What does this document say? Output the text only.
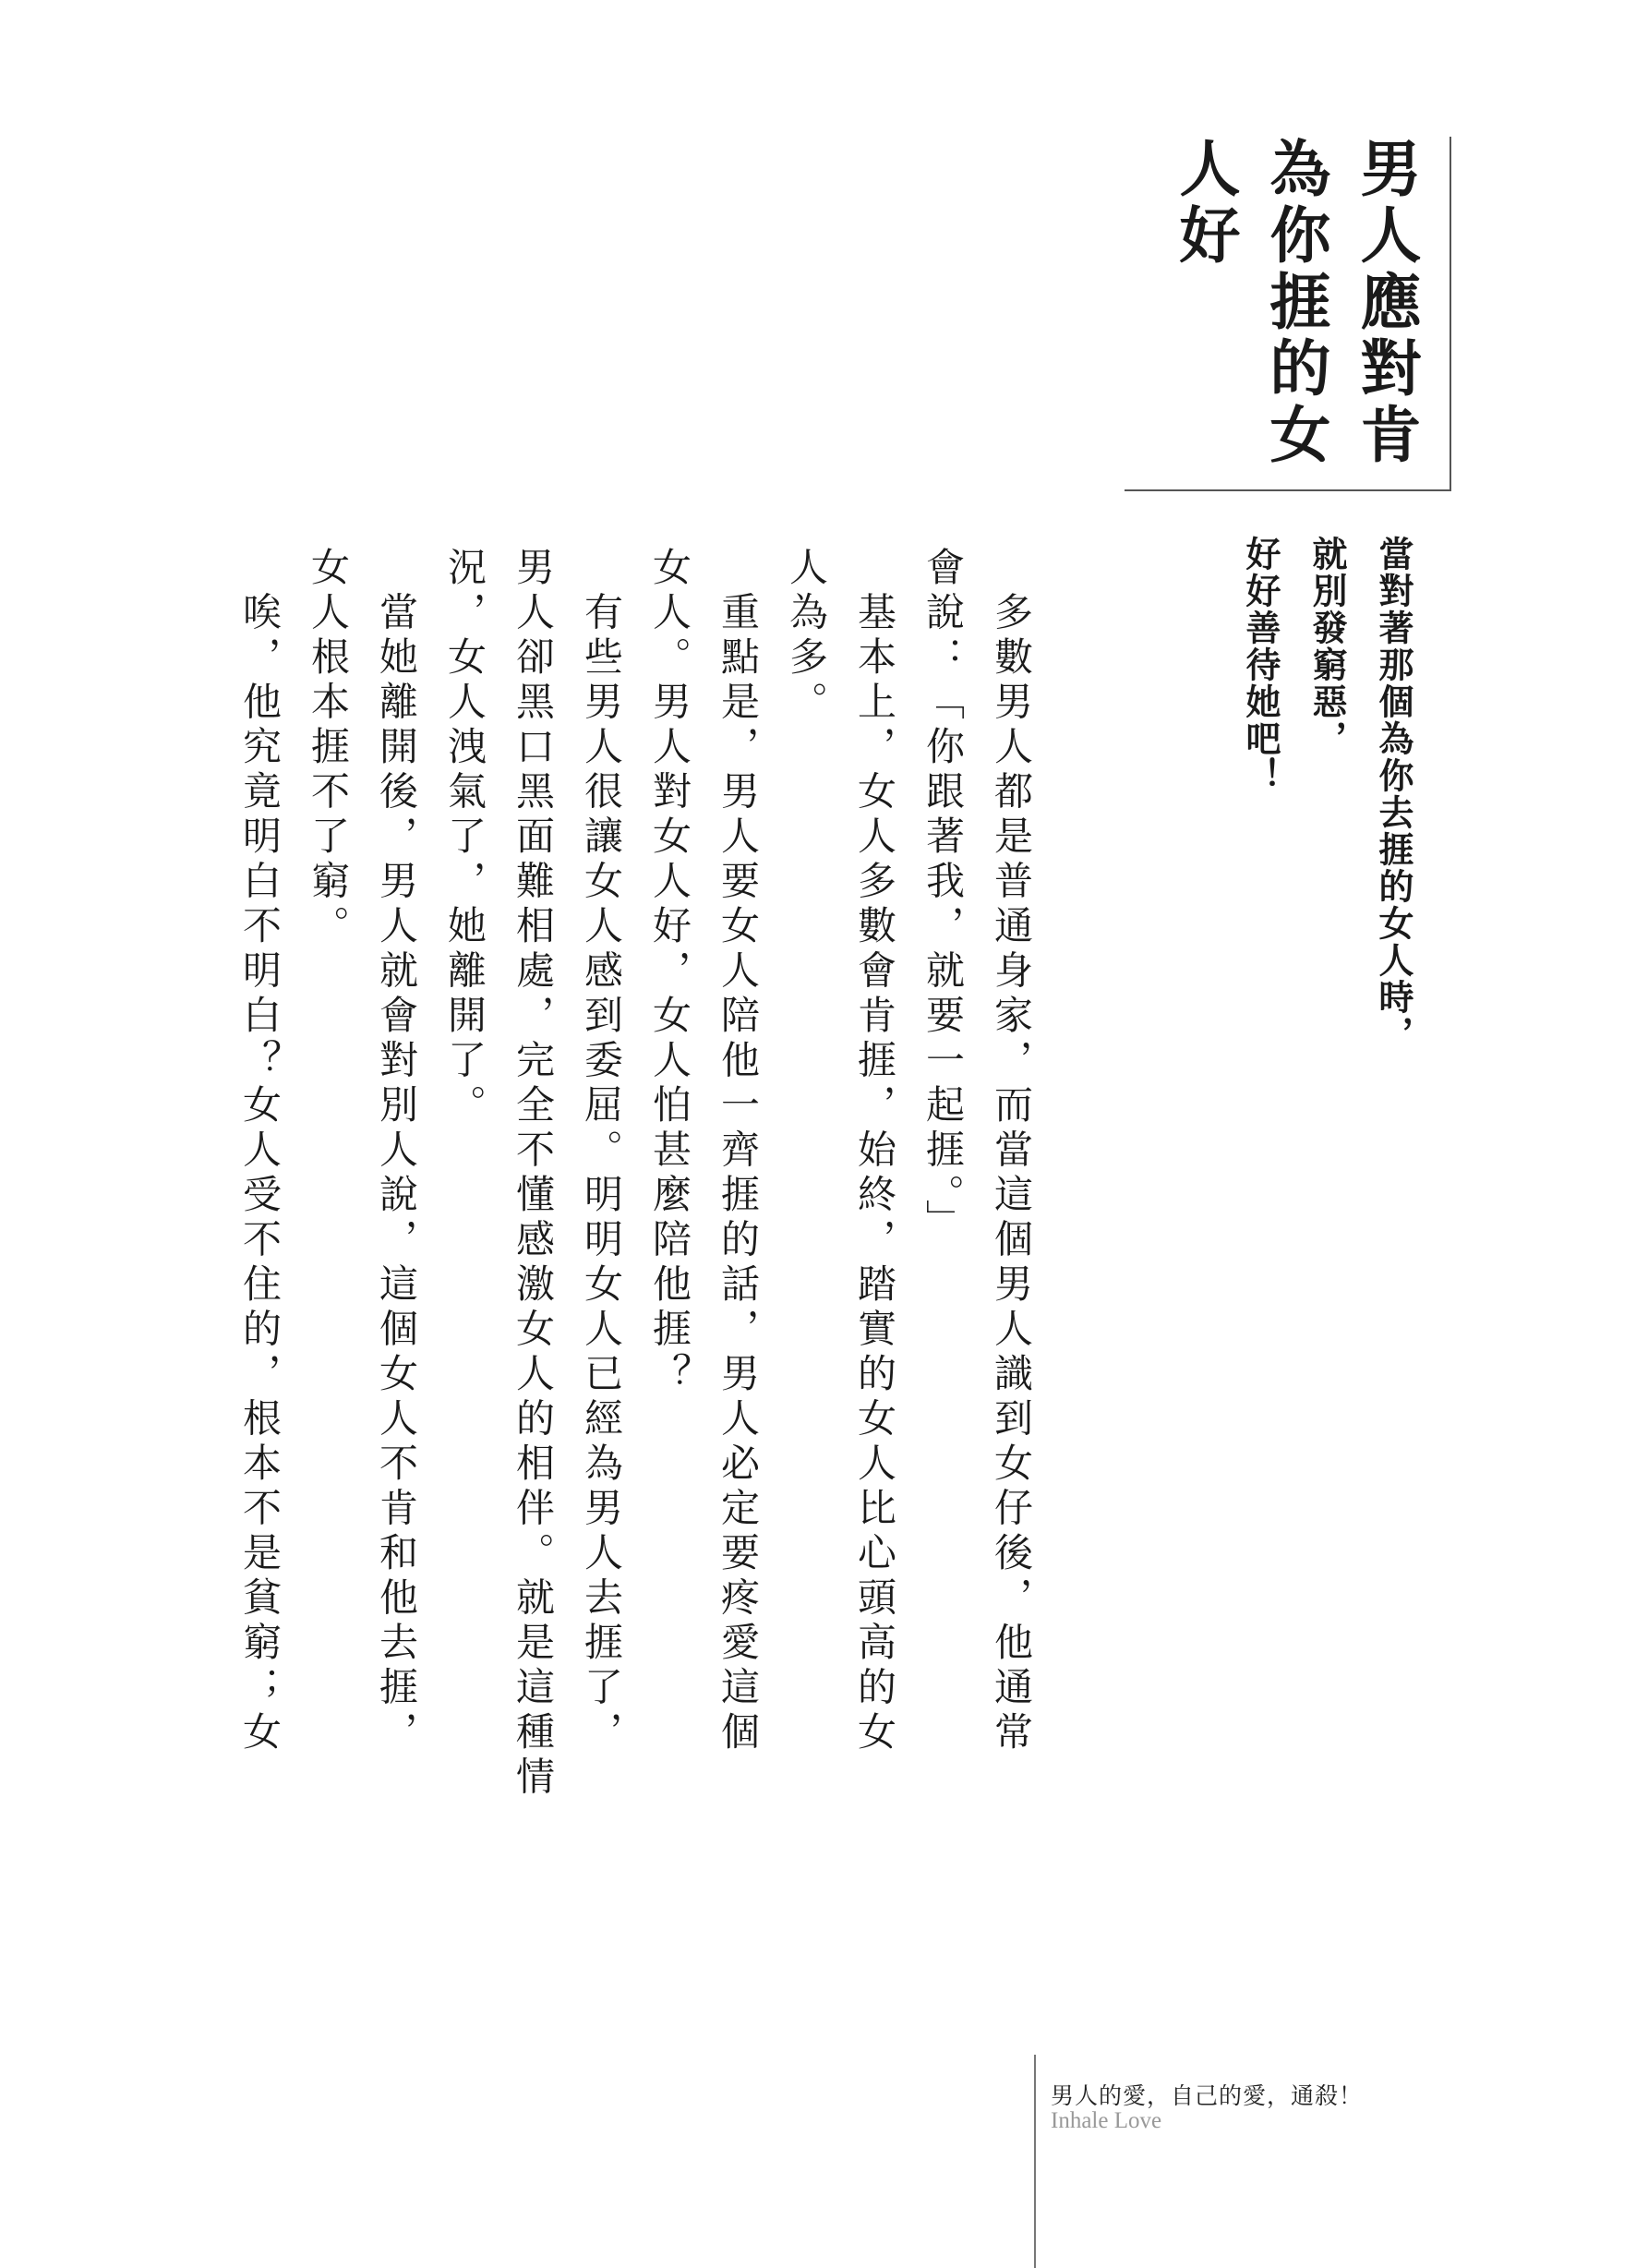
男人應對肯
為你捱的女
人好
當對著那個為你去捱的女人時，
就別發窮惡，
好好善待她吧！
　多數男人都是普通身家，而當這個男人識到女仔後，他通常
會說：「你跟著我，就要一起捱。」
　基本上，女人多數會肯捱，始終，踏實的女人比心頭高的女
人為多。
　重點是，男人要女人陪他一齊捱的話，男人必定要疼愛這個
女人。男人對女人好，女人怕甚麼陪他捱？
　有些男人很讓女人感到委屈。明明女人已經為男人去捱了，
男人卻黑口黑面難相處，完全不懂感激女人的相伴。就是這種情
況，女人洩氣了，她離開了。
　當她離開後，男人就會對別人說，這個女人不肯和他去捱，
女人根本捱不了窮。
　唉，他究竟明白不明白？女人受不住的，根本不是貧窮；女
男人的愛，自己的愛，通殺！
Inhale Love
